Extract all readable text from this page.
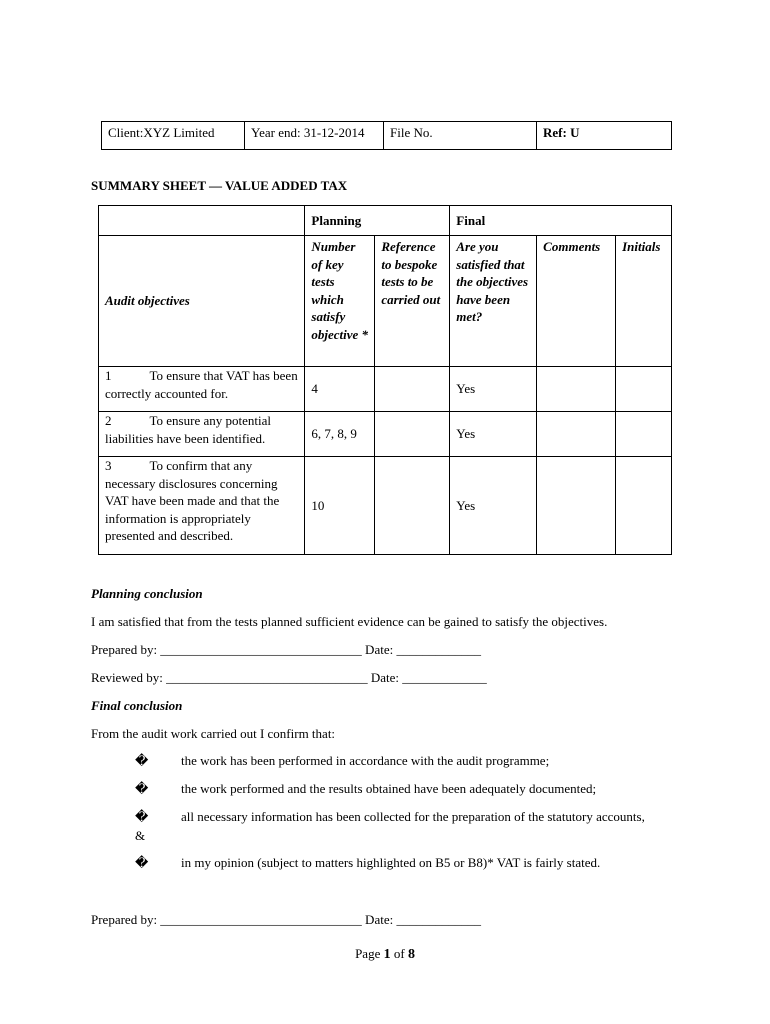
Client:XYZ Limited	Year end: 31-12-2014	File No.	Ref: U
SUMMARY SHEET — VALUE ADDED TAX
	Planning		Final		
Audit objectives	Number of key tests which satisfy objective *	Reference to bespoke tests to be carried out	Are you satisfied that the objectives have been met?	Comments	Initials
1 To ensure that VAT has been correctly accounted for.	4		Yes		
2 To ensure any potential liabilities have been identified.	6, 7, 8, 9		Yes		
3 To confirm that any necessary disclosures concerning VAT have been made and that the information is appropriately presented and described.	10		Yes		
Planning conclusion
I am satisfied that from the tests planned sufficient evidence can be gained to satisfy the objectives.
Prepared by: _______________________________ Date: _____________
Reviewed by: _______________________________ Date: _____________
Final conclusion
From the audit work carried out I confirm that:
�	the work has been performed in accordance with the audit programme;
�	the work performed and the results obtained have been adequately documented;
�	all necessary information has been collected for the preparation of the statutory accounts,
&
�	in my opinion (subject to matters highlighted on B5 or B8)* VAT is fairly stated.
Prepared by: _______________________________ Date: _____________
Page 1 of 8
